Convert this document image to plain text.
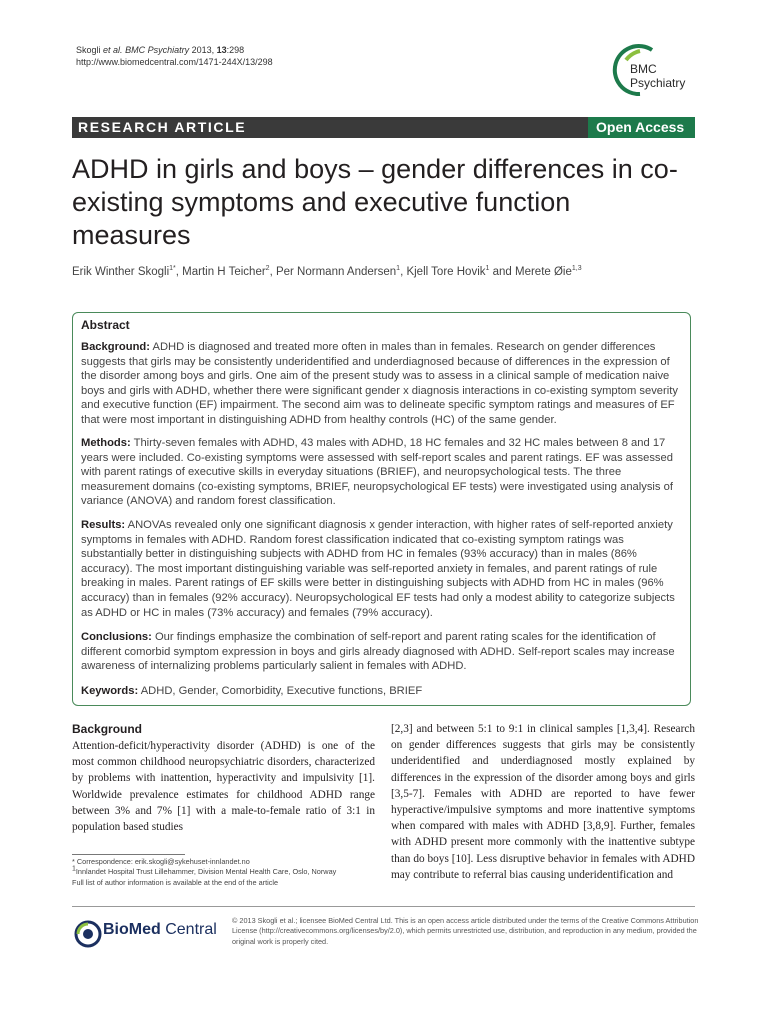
Skogli et al. BMC Psychiatry 2013, 13:298
http://www.biomedcentral.com/1471-244X/13/298	BMC
Psychiatry
RESEARCH ARTICLE	Open Access
ADHD in girls and boys – gender differences in co-existing symptoms and executive function measures
Erik Winther Skogli$^{1*}$, Martin H Teicher$^2$, Per Normann Andersen$^1$, Kjell Tore Hovik$^1$ and Merete Øie$^{1,3}$
Abstract
Background: ADHD is diagnosed and treated more often in males than in females. Research on gender differences suggests that girls may be consistently underidentified and underdiagnosed because of differences in the expression of the disorder among boys and girls. One aim of the present study was to assess in a clinical sample of medication naive boys and girls with ADHD, whether there were significant gender x diagnosis interactions in co-existing symptom severity and executive function (EF) impairment. The second aim was to delineate specific symptom ratings and measures of EF that were most important in distinguishing ADHD from healthy controls (HC) of the same gender.
Methods: Thirty-seven females with ADHD, 43 males with ADHD, 18 HC females and 32 HC males between 8 and 17 years were included. Co-existing symptoms were assessed with self-report scales and parent ratings. EF was assessed with parent ratings of executive skills in everyday situations (BRIEF), and neuropsychological tests. The three measurement domains (co-existing symptoms, BRIEF, neuropsychological EF tests) were investigated using analysis of variance (ANOVA) and random forest classification.
Results: ANOVAs revealed only one significant diagnosis x gender interaction, with higher rates of self-reported anxiety symptoms in females with ADHD. Random forest classification indicated that co-existing symptom ratings was substantially better in distinguishing subjects with ADHD from HC in females (93% accuracy) than in males (86% accuracy). The most important distinguishing variable was self-reported anxiety in females, and parent ratings of rule breaking in males. Parent ratings of EF skills were better in distinguishing subjects with ADHD from HC in males (96% accuracy) than in females (92% accuracy). Neuropsychological EF tests had only a modest ability to categorize subjects as ADHD or HC in males (73% accuracy) and females (79% accuracy).
Conclusions: Our findings emphasize the combination of self-report and parent rating scales for the identification of different comorbid symptom expression in boys and girls already diagnosed with ADHD. Self-report scales may increase awareness of internalizing problems particularly salient in females with ADHD.
Keywords: ADHD, Gender, Comorbidity, Executive functions, BRIEF
Background
Attention-deficit/hyperactivity disorder (ADHD) is one of the most common childhood neuropsychiatric disorders, characterized by problems with inattention, hyperactivity and impulsivity [1]. Worldwide prevalence estimates for childhood ADHD range between 3% and 7% [1] with a male-to-female ratio of 3:1 in population based studies
[2,3] and between 5:1 to 9:1 in clinical samples [1,3,4]. Research on gender differences suggests that girls may be consistently underidentified and underdiagnosed mostly explained by differences in the expression of the disorder among boys and girls [3,5-7]. Females with ADHD are reported to have fewer hyperactive/impulsive symptoms and more inattentive symptoms when compared with males with ADHD [3,8,9]. Further, females with ADHD present more commonly with the inattentive subtype than do boys [10]. Less disruptive behavior in females with ADHD may contribute to referral bias causing underidentification and
* Correspondence: erik.skogli@sykehuset-innlandet.no
$^1$Innlandet Hospital Trust Lillehammer, Division Mental Health Care, Oslo, Norway
Full list of author information is available at the end of the article
BioMed Central
© 2013 Skogli et al.; licensee BioMed Central Ltd. This is an open access article distributed under the terms of the Creative Commons Attribution License (http://creativecommons.org/licenses/by/2.0), which permits unrestricted use, distribution, and reproduction in any medium, provided the original work is properly cited.
